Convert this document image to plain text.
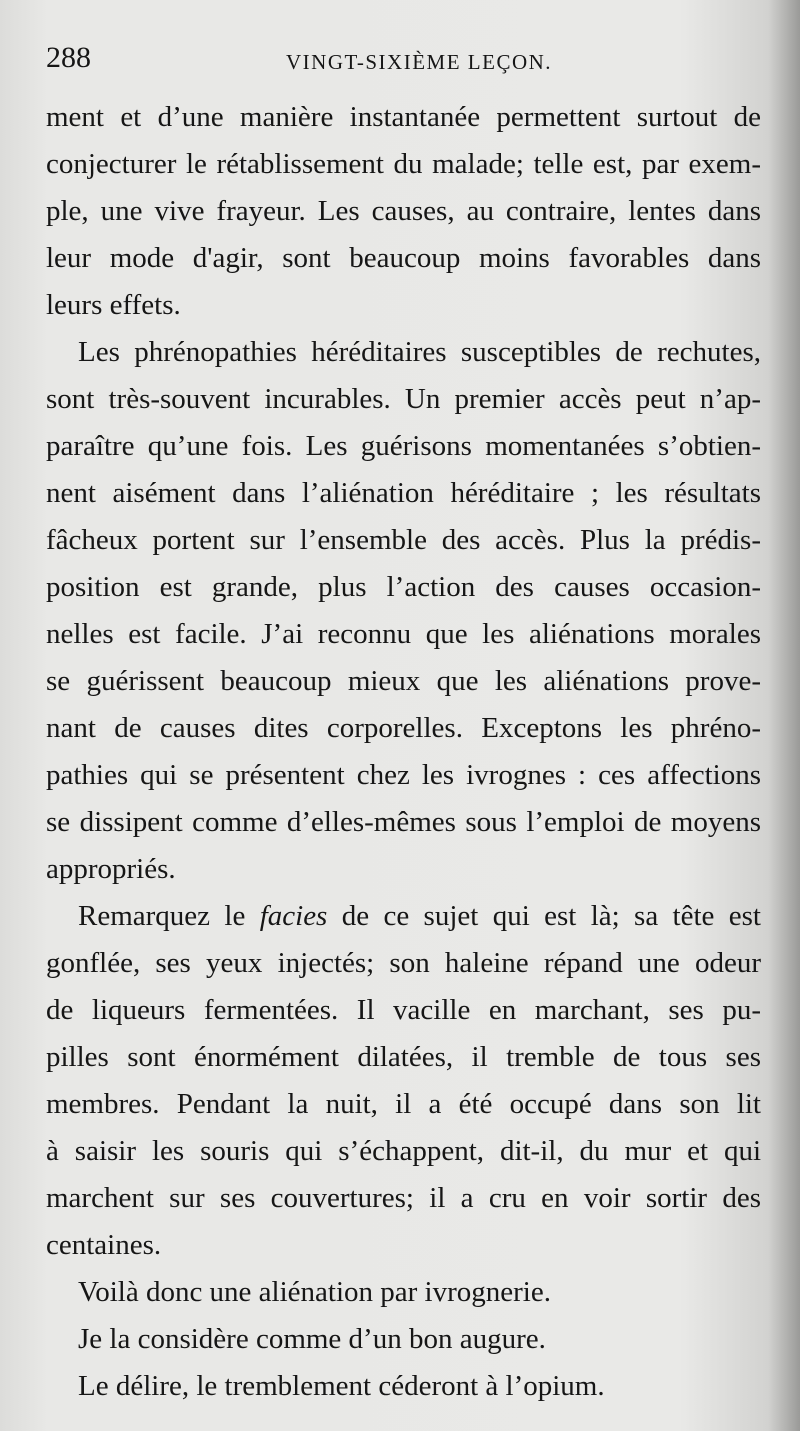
288	VINGT-SIXIÈME LEÇON.
ment et d’une manière instantanée permettent surtout de
conjecturer le rétablissement du malade; telle est, par exem-
ple, une vive frayeur. Les causes, au contraire, lentes dans
leur mode d'agir, sont beaucoup moins favorables dans
leurs effets.
Les phrénopathies héréditaires susceptibles de rechutes,
sont très-souvent incurables. Un premier accès peut n’ap-
paraître qu’une fois. Les guérisons momentanées s’obtien-
nent aisément dans l’aliénation héréditaire ; les résultats
fâcheux portent sur l’ensemble des accès. Plus la prédis-
position est grande, plus l’action des causes occasion-
nelles est facile. J’ai reconnu que les aliénations morales
se guérissent beaucoup mieux que les aliénations prove-
nant de causes dites corporelles. Exceptons les phréno-
pathies qui se présentent chez les ivrognes : ces affections
se dissipent comme d’elles-mêmes sous l’emploi de moyens
appropriés.
Remarquez le facies de ce sujet qui est là; sa tête est
gonflée, ses yeux injectés; son haleine répand une odeur
de liqueurs fermentées. Il vacille en marchant, ses pu-
pilles sont énormément dilatées, il tremble de tous ses
membres. Pendant la nuit, il a été occupé dans son lit
à saisir les souris qui s’échappent, dit-il, du mur et qui
marchent sur ses couvertures; il a cru en voir sortir des
centaines.
Voilà donc une aliénation par ivrognerie.
Je la considère comme d’un bon augure.
Le délire, le tremblement céderont à l’opium.
